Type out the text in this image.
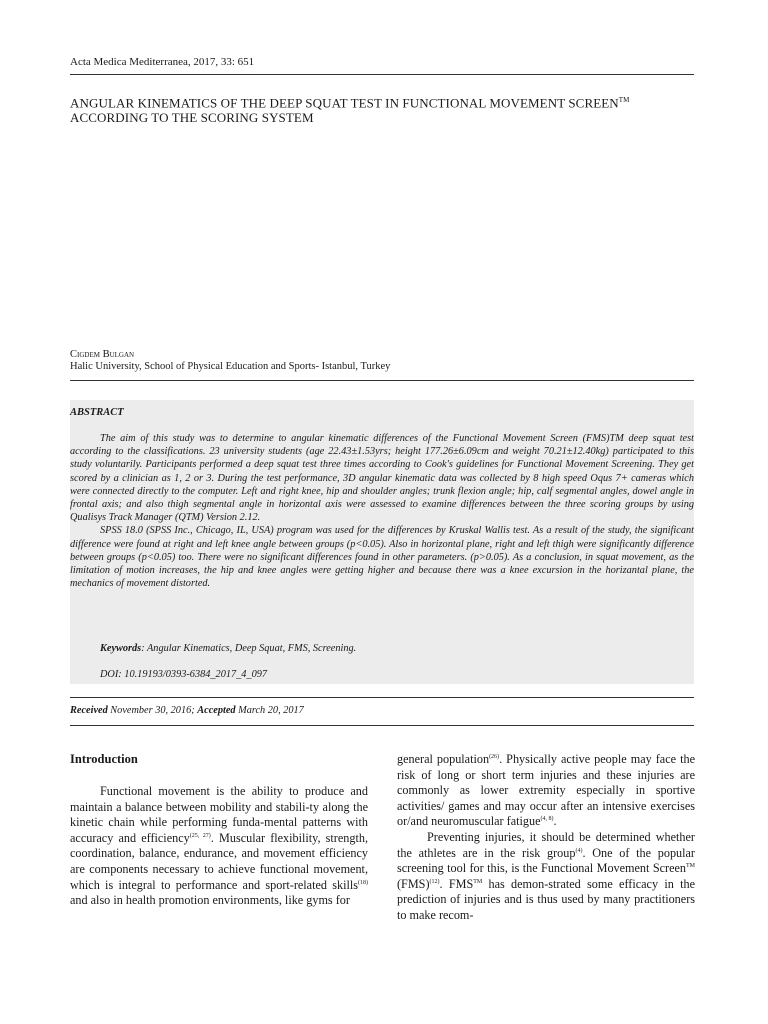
Acta Medica Mediterranea, 2017, 33: 651
ANGULAR KINEMATICS OF THE DEEP SQUAT TEST IN FUNCTIONAL MOVEMENT SCREEN™
ACCORDING TO THE SCORING SYSTEM
Cigdem Bulgan
Halic University, School of Physical Education and Sports- Istanbul, Turkey
ABSTRACT

The aim of this study was to determine to angular kinematic differences of the Functional Movement Screen (FMS)TM deep squat test according to the classifications. 23 university students (age 22.43±1.53yrs; height 177.26±6.09cm and weight 70.21±12.40kg) participated to this study voluntarily. Participants performed a deep squat test three times according to Cook's guidelines for Functional Movement Screening. They get scored by a clinician as 1, 2 or 3. During the test performance, 3D angular kinematic data was collected by 8 high speed Oqus 7+ cameras which were connected directly to the computer. Left and right knee, hip and shoulder angles; trunk flexion angle; hip, calf segmental angles, dowel angle in frontal axis; and also thigh segmental angle in horizontal axis were assessed to examine differences between the three scoring groups by using Qualisys Track Manager (QTM) Version 2.12.

SPSS 18.0 (SPSS Inc., Chicago, IL, USA) program was used for the differences by Kruskal Wallis test. As a result of the study, the significant difference were found at right and left knee angle between groups (p<0.05). Also in horizontal plane, right and left thigh were significantly difference between groups (p<0.05) too. There were no significant differences found in other parameters. (p>0.05). As a conclusion, in squat movement, as the limitation of motion increases, the hip and knee angles were getting higher and because there was a knee excursion in the horizantal plane, the mechanics of movement distorted.

Keywords: Angular Kinematics, Deep Squat, FMS, Screening.
DOI: 10.19193/0393-6384_2017_4_097
Received November 30, 2016; Accepted March 20, 2017
Introduction

Functional movement is the ability to produce and maintain a balance between mobility and stabili-ty along the kinetic chain while performing funda-mental patterns with accuracy and efficiency$^{(25, 27)}$. Muscular flexibility, strength, coordination, balance, endurance, and movement efficiency are components necessary to achieve functional movement, which is integral to performance and sport-related skills$^{(18)}$ and also in health promotion environments, like gyms for

general population$^{(26)}$. Physically active people may face the risk of long or short term injuries and these injuries are commonly as lower extremity especially in sportive activities/ games and may occur after an intensive exercises or/and neuromuscular fatigue$^{(4, 8)}$.

Preventing injuries, it should be determined whether the athletes are in the risk group$^{(4)}$. One of the popular screening tool for this, is the Functional Movement Screen™ (FMS)$^{(12)}$. FMS™ has demon-strated some efficacy in the prediction of injuries and is thus used by many practitioners to make recom-
